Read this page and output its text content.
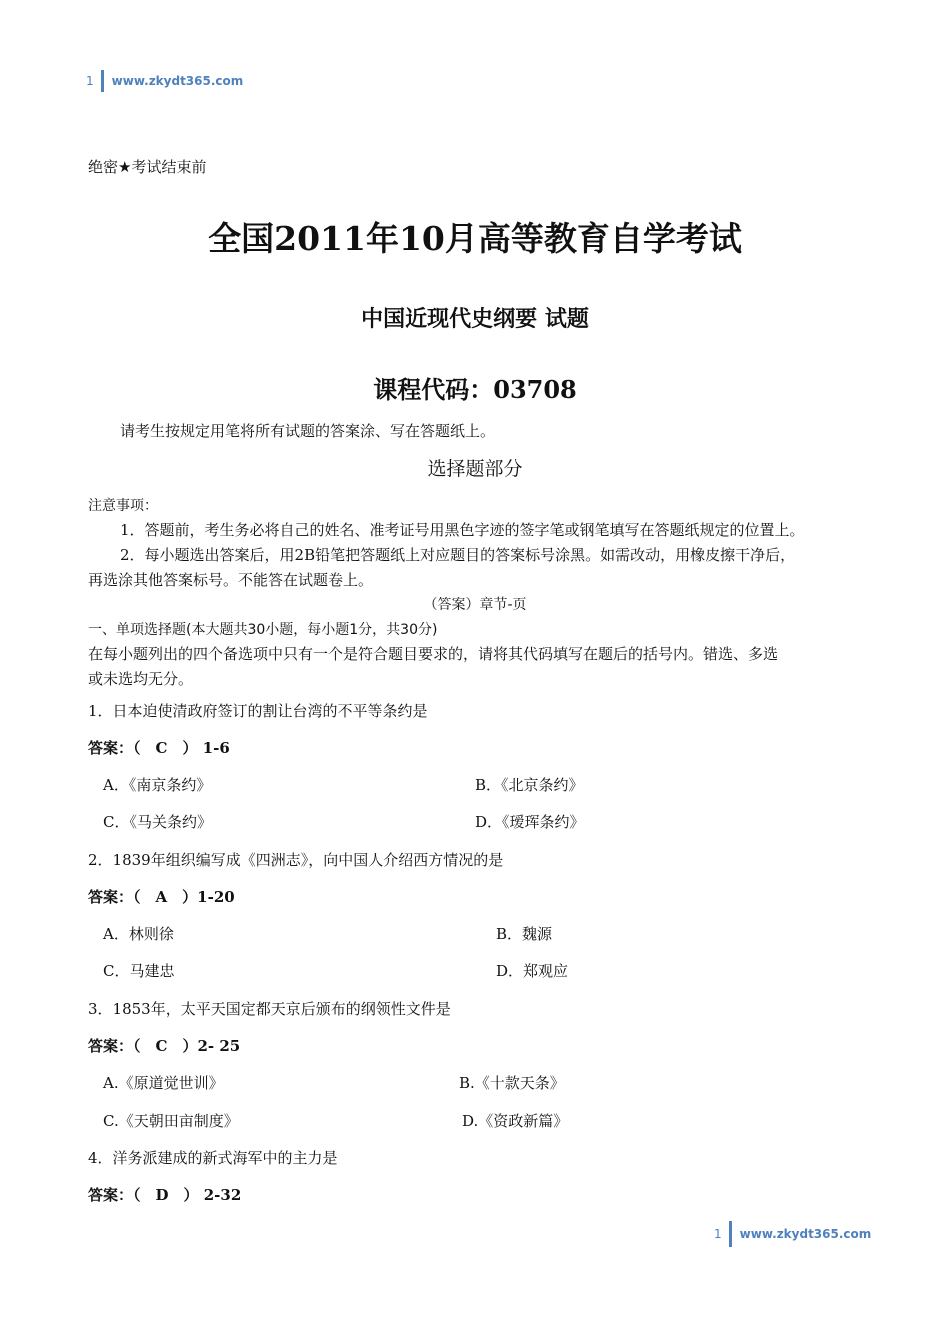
1 www.zkydt365.com
绝密★考试结束前
全国2011年10月高等教育自学考试
中国近现代史纲要 试题
课程代码：03708
请考生按规定用笔将所有试题的答案涂、写在答题纸上。
选择题部分
注意事项：
1．答题前，考生务必将自己的姓名、准考证号用黑色字迹的签字笔或钢笔填写在答题纸规定的位置上。
2．每小题选出答案后，用2B铅笔把答题纸上对应题目的答案标号涂黑。如需改动，用橡皮擦干净后，
再选涂其他答案标号。不能答在试题卷上。
（答案）章节-页
一、单项选择题(本大题共30小题，每小题1分，共30分)
在每小题列出的四个备选项中只有一个是符合题目要求的，请将其代码填写在题后的括号内。错选、多选
或未选均无分。
1．日本迫使清政府签订的割让台湾的不平等条约是
答案：（　C　） 1-6
A．《南京条约》	B．《北京条约》
C．《马关条约》	D．《瑷珲条约》
2．1839年组织编写成《四洲志》，向中国人介绍西方情况的是
答案：（　A　）1-20
A．林则徐	B．魏源
C．马建忠	D．郑观应
3．1853年，太平天国定都天京后颁布的纲领性文件是
答案：（　C　）2- 25
A.《原道觉世训》	B.《十款天条》
C.《天朝田亩制度》	D.《资政新篇》
4．洋务派建成的新式海军中的主力是
答案：（　D　） 2-32
1 www.zkydt365.com
